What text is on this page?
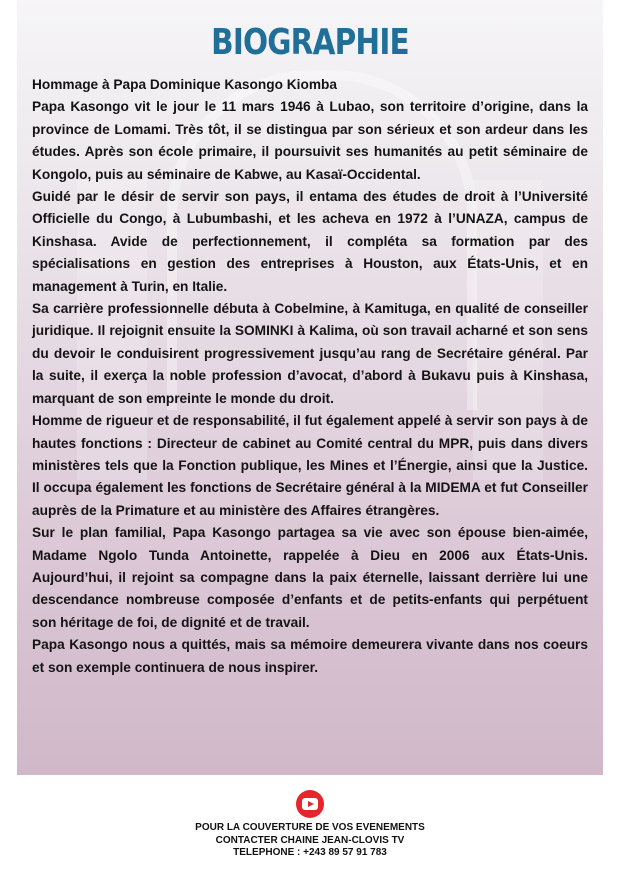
BIOGRAPHIE

Hommage à Papa Dominique Kasongo Kiomba

Papa Kasongo vit le jour le 11 mars 1946 à Lubao, son territoire d’origine, dans la province de Lomami. Très tôt, il se distingua par son sérieux et son ardeur dans les études. Après son école primaire, il poursuivit ses humanités au petit séminaire de Kongolo, puis au séminaire de Kabwe, au Kasaï-Occidental.

Guidé par le désir de servir son pays, il entama des études de droit à l’Université Officielle du Congo, à Lubumbashi, et les acheva en 1972 à l’UNAZA, campus de Kinshasa. Avide de perfectionnement, il compléta sa formation par des spécialisations en gestion des entreprises à Houston, aux États-Unis, et en management à Turin, en Italie.

Sa carrière professionnelle débuta à Cobelmine, à Kamituga, en qualité de conseiller juridique. Il rejoignit ensuite la SOMINKI à Kalima, où son travail acharné et son sens du devoir le conduisirent progressivement jusqu’au rang de Secrétaire général. Par la suite, il exerça la noble profession d’avocat, d’abord à Bukavu puis à Kinshasa, marquant de son empreinte le monde du droit.

Homme de rigueur et de responsabilité, il fut également appelé à servir son pays à de hautes fonctions : Directeur de cabinet au Comité central du MPR, puis dans divers ministères tels que la Fonction publique, les Mines et l’Énergie, ainsi que la Justice. Il occupa également les fonctions de Secrétaire général à la MIDEMA et fut Conseiller auprès de la Primature et au ministère des Affaires étrangères.

Sur le plan familial, Papa Kasongo partagea sa vie avec son épouse bien-aimée, Madame Ngolo Tunda Antoinette, rappelée à Dieu en 2006 aux États-Unis. Aujourd’hui, il rejoint sa compagne dans la paix éternelle, laissant derrière lui une descendance nombreuse composée d’enfants et de petits-enfants qui perpétuent son héritage de foi, de dignité et de travail.

Papa Kasongo nous a quittés, mais sa mémoire demeurera vivante dans nos coeurs et son exemple continuera de nous inspirer.

POUR LA COUVERTURE DE VOS EVENEMENTS
CONTACTER CHAINE JEAN-CLOVIS TV
TELEPHONE : +243 89 57 91 783
